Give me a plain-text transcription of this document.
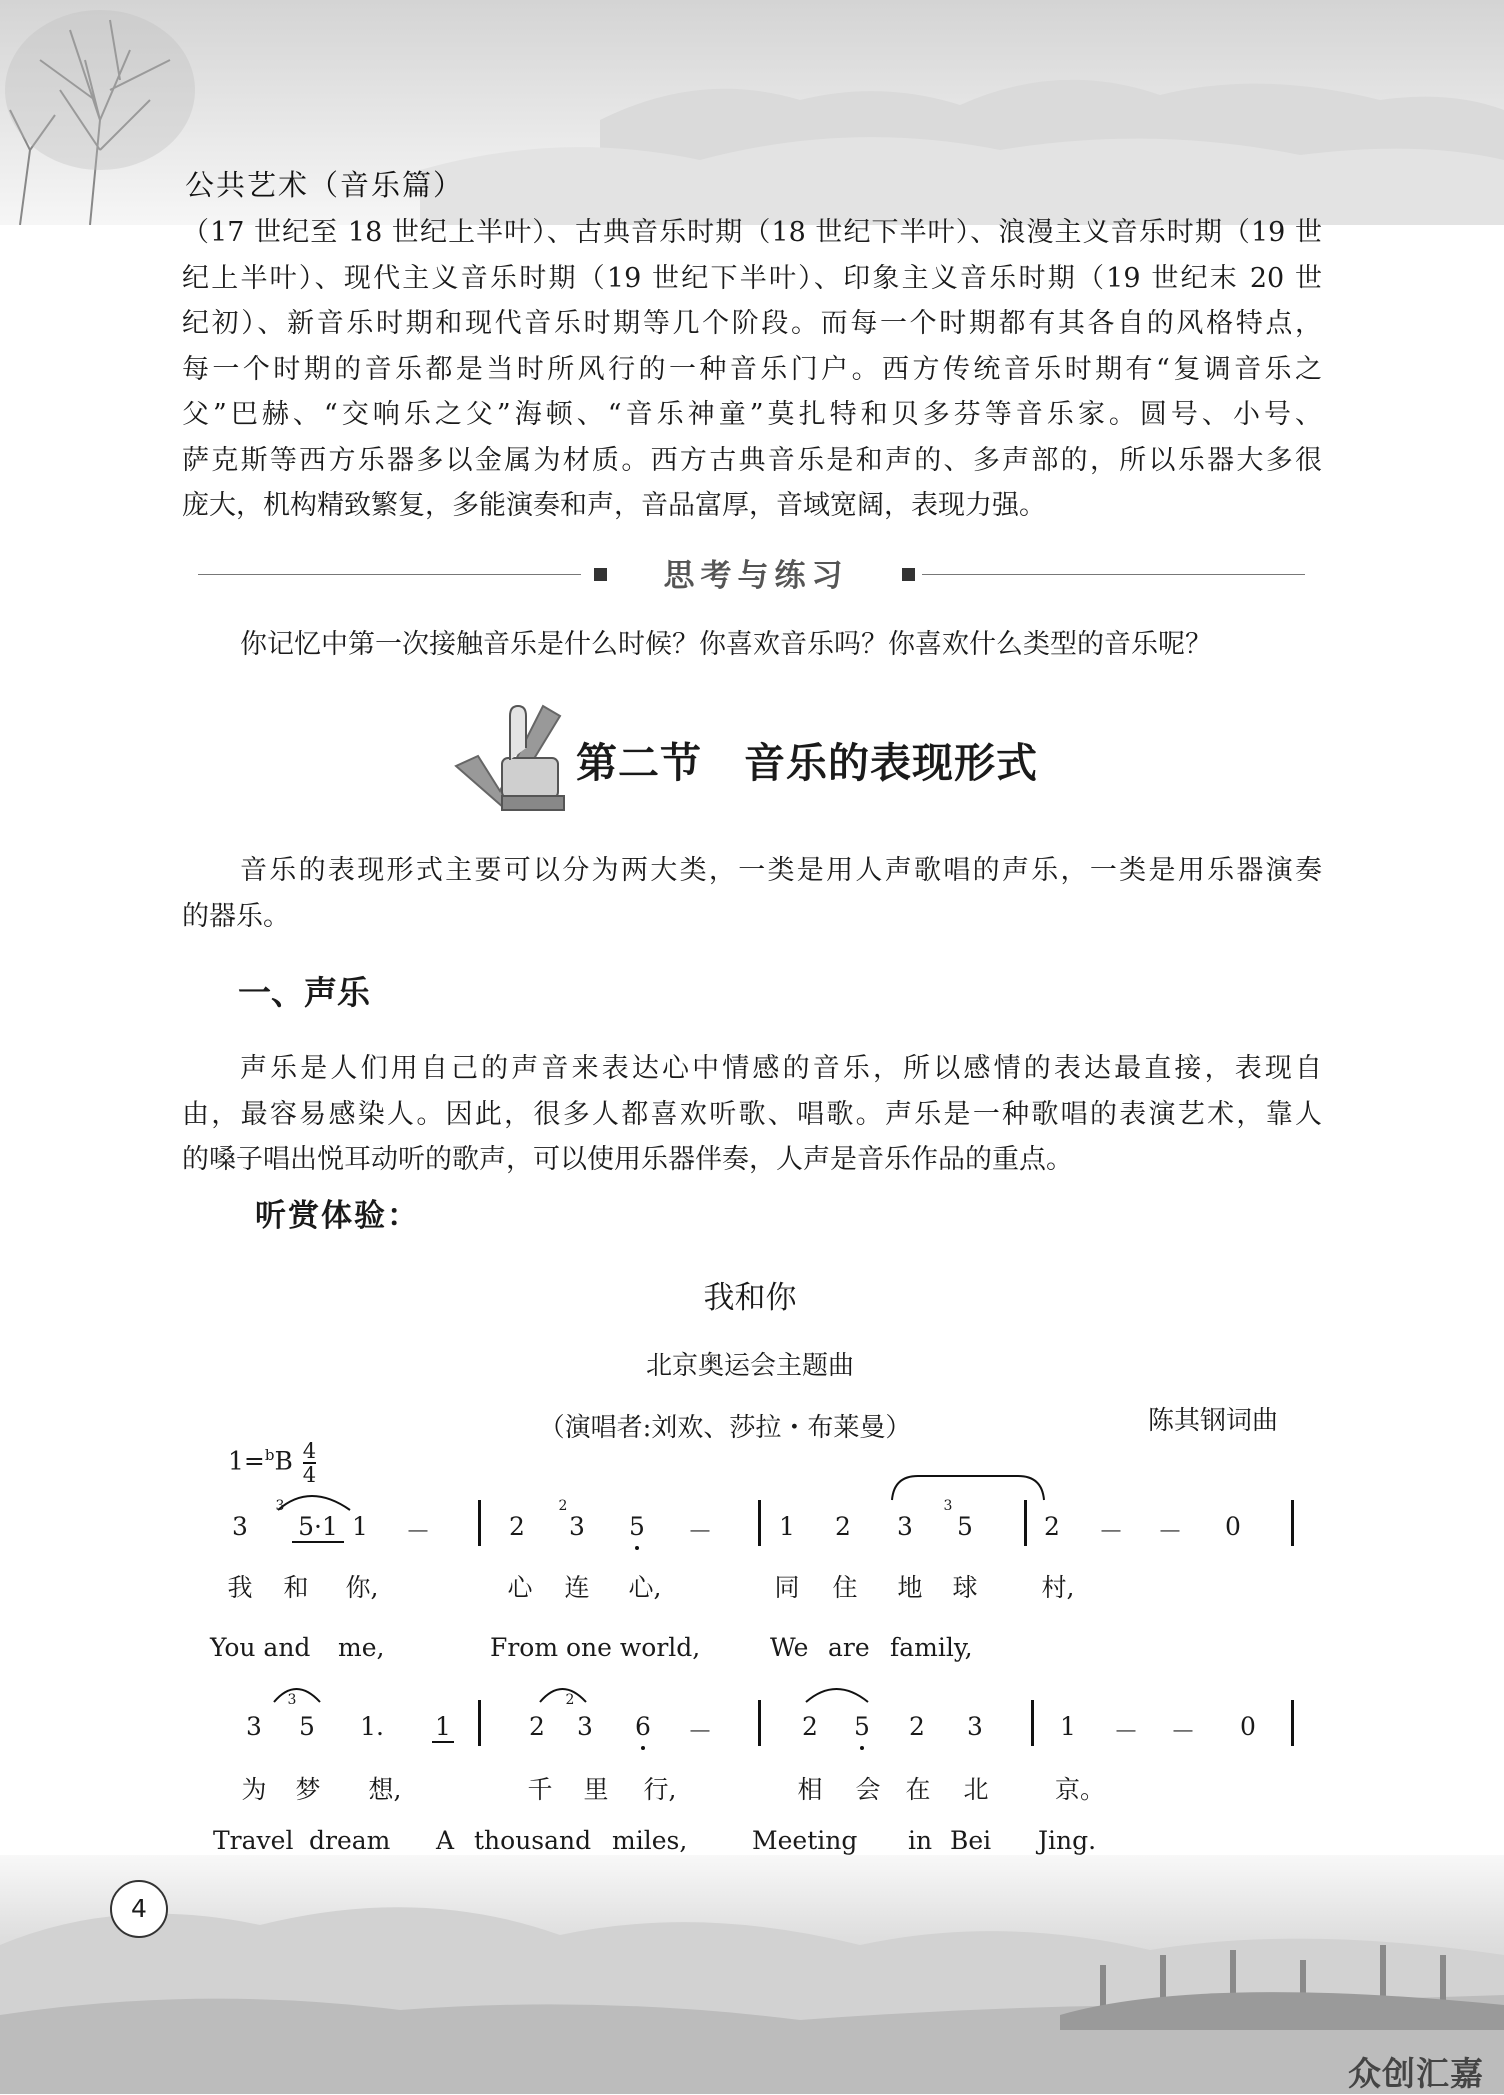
公共艺术（音乐篇）
（17 世纪至 18 世纪上半叶）、古典音乐时期（18 世纪下半叶）、浪漫主义音乐时期（19 世
纪上半叶）、现代主义音乐时期（19 世纪下半叶）、印象主义音乐时期（19 世纪末 20 世
纪初）、新音乐时期和现代音乐时期等几个阶段。而每一个时期都有其各自的风格特点，
每一个时期的音乐都是当时所风行的一种音乐门户。西方传统音乐时期有“复调音乐之
父”巴赫、“交响乐之父”海顿、“音乐神童”莫扎特和贝多芬等音乐家。圆号、小号、
萨克斯等西方乐器多以金属为材质。西方古典音乐是和声的、多声部的，所以乐器大多很
庞大，机构精致繁复，多能演奏和声，音品富厚，音域宽阔，表现力强。
思考与练习
你记忆中第一次接触音乐是什么时候？你喜欢音乐吗？你喜欢什么类型的音乐呢？
第二节　音乐的表现形式
音乐的表现形式主要可以分为两大类，一类是用人声歌唱的声乐，一类是用乐器演奏
的器乐。
一、声乐
声乐是人们用自己的声音来表达心中情感的音乐，所以感情的表达最直接，表现自
由，最容易感染人。因此，很多人都喜欢听歌、唱歌。声乐是一种歌唱的表演艺术，靠人
的嗓子唱出悦耳动听的歌声，可以使用乐器伴奏，人声是音乐作品的重点。
听赏体验：
我和你
北京奥运会主题曲
（演唱者:刘欢、莎拉・布莱曼）	陈其钢词曲
$1=^bB \frac{4}{4}$
3	2	3
3 5·1 1 －	2 3 5 －	1 2 3 5	2 － － 0
我 和 你,	心 连 心,	同 住 地 球	村,
You and me,	From one world,	We are family,
3	2
3 5 1. 1	2 3 6 －	2 5 2 3	1 － － 0
为 梦 想,	千 里 行,	相 会 在 北	京。
Travel dream A thousand miles,	Meeting in Bei Jing.
4
众创汇嘉
